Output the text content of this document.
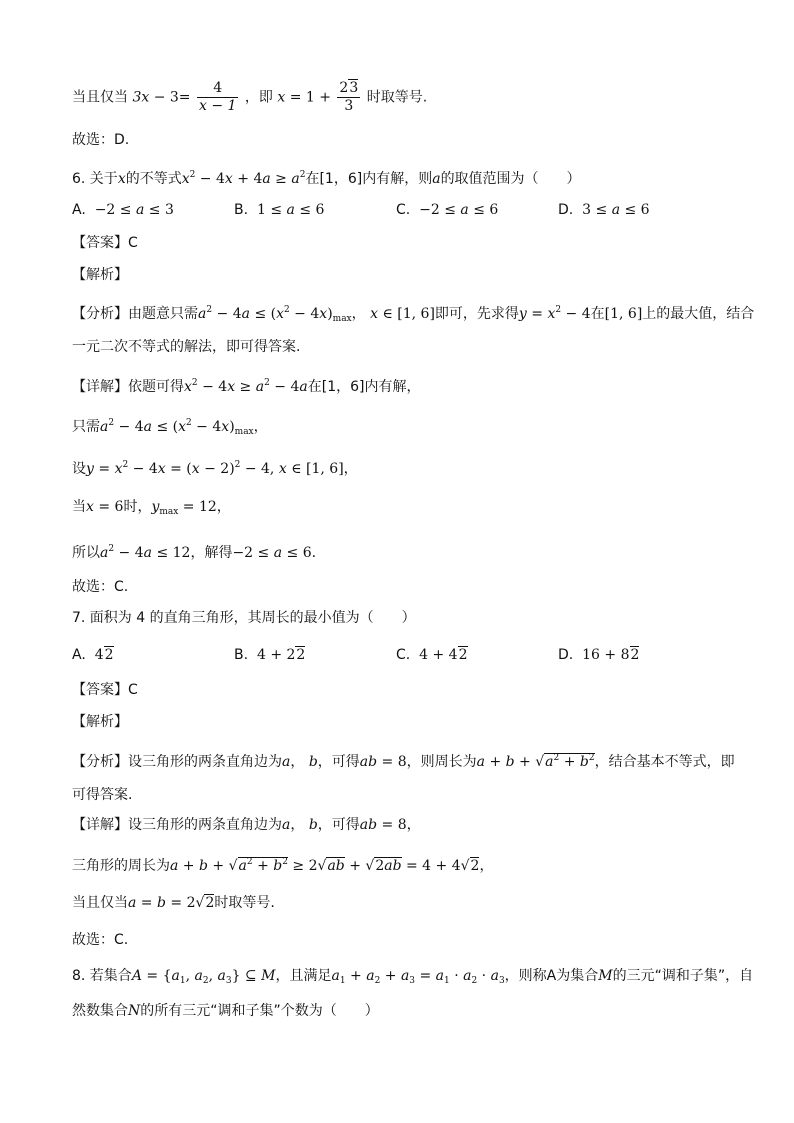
当且仅当 $3x - 3= \frac{4}{x - 1}$ ，即 $x = 1 + \frac{23}{3}$ 时取等号.
故选：D.
6. 关于x的不等式$x^2 - 4x + 4a \ge a^2$在[1，6]内有解，则a的取值范围为（　　）
A. −2 ≤ a ≤ 3	B. 1 ≤ a ≤ 6	C. −2 ≤ a ≤ 6	D. 3 ≤ a ≤ 6
【答案】C
【解析】
【分析】由题意只需$a^2 - 4a \le (x^2 - 4x)_{max}$， x ∈ [1, 6]即可，先求得$y = x^2 - 4$在[1, 6]上的最大值，结合
一元二次不等式的解法，即可得答案.
【详解】依题可得$x^2 - 4x \ge a^2 - 4a$在[1，6]内有解，
只需$a^2 - 4a \le (x^2 - 4x)_{max}$，
设$y = x^2 - 4x = (x - 2)^2 - 4$, x ∈ [1, 6]，
当x = 6时，$y_{max} = 12$，
所以$a^2 - 4a \le 12$，解得−2 ≤ a ≤ 6.
故选：C.
7. 面积为 4 的直角三角形，其周长的最小值为（　　）
A. 42	B. 4 + 22	C. 4 + 42	D. 16 + 82
【答案】C
【解析】
【分析】设三角形的两条直角边为a， b，可得ab = 8，则周长为$a + b + √a^2 + b^2$，结合基本不等式，即
可得答案.
【详解】设三角形的两条直角边为a， b，可得ab = 8，
三角形的周长为$a + b + √a^2 + b^2 \ge 2√ab + √2ab = 4 + 4√2$，
当且仅当a = b = 2√2时取等号.
故选：C.
8. 若集合$A = \{a_1$, $a_2$, $a_3$} ⊆ M，且满足$a_1 + a_2 + a_3 = a_1 \cdot a_2 \cdot a_3$，则称A为集合M的三元“调和子集”，自
然数集合N的所有三元“调和子集”个数为（　　）
